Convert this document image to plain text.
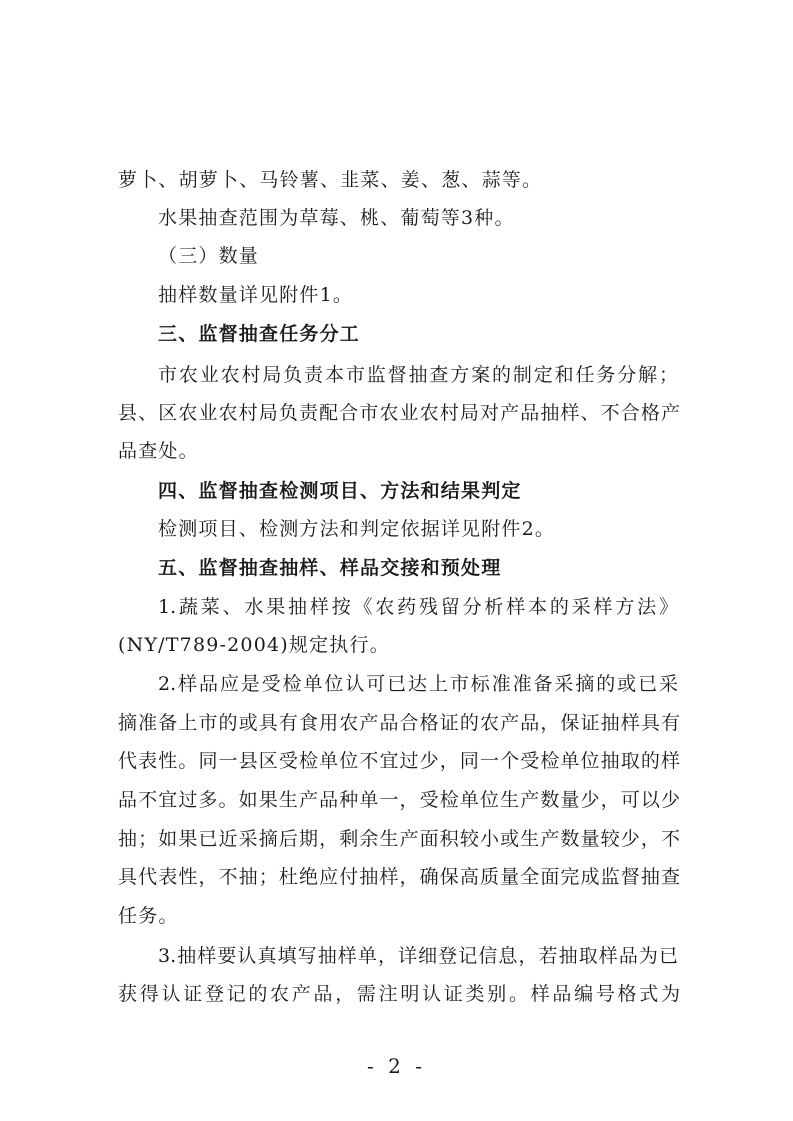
萝卜、胡萝卜、马铃薯、韭菜、姜、葱、蒜等。
水果抽查范围为草莓、桃、葡萄等3种。
（三）数量
抽样数量详见附件1。
三、监督抽查任务分工
市农业农村局负责本市监督抽查方案的制定和任务分解；
县、区农业农村局负责配合市农业农村局对产品抽样、不合格产
品查处。
四、监督抽查检测项目、方法和结果判定
检测项目、检测方法和判定依据详见附件2。
五、监督抽查抽样、样品交接和预处理
1.蔬菜、水果抽样按《农药残留分析样本的采样方法》
(NY/T789-2004)规定执行。
2.样品应是受检单位认可已达上市标准准备采摘的或已采
摘准备上市的或具有食用农产品合格证的农产品，保证抽样具有
代表性。同一县区受检单位不宜过少，同一个受检单位抽取的样
品不宜过多。如果生产品种单一，受检单位生产数量少，可以少
抽；如果已近采摘后期，剩余生产面积较小或生产数量较少，不
具代表性，不抽；杜绝应付抽样，确保高质量全面完成监督抽查
任务。
3.抽样要认真填写抽样单，详细登记信息，若抽取样品为已
获得认证登记的农产品，需注明认证类别。样品编号格式为
- 2 -
